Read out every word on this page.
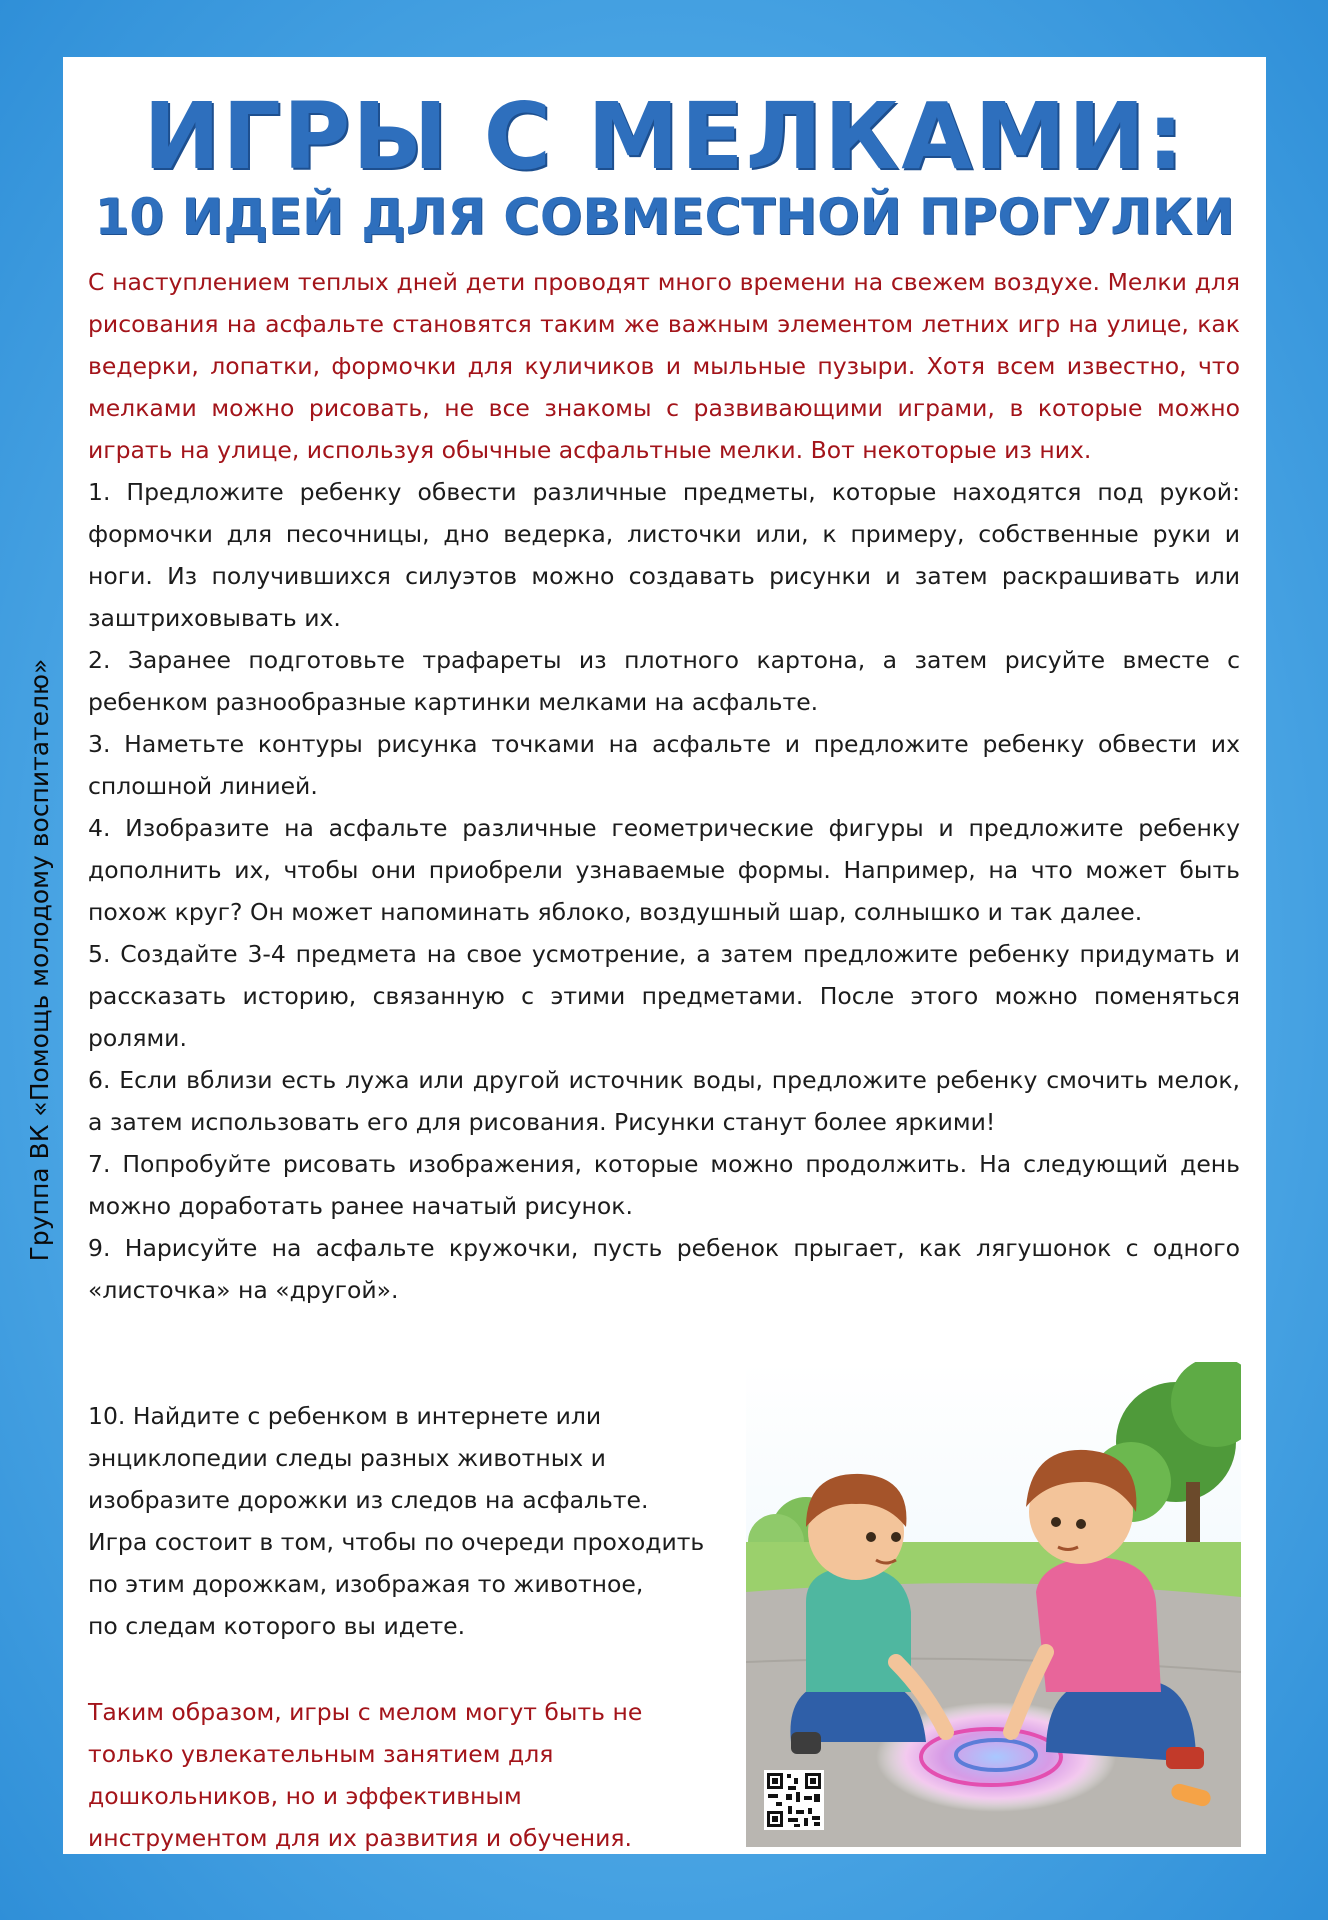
Группа ВК «Помощь молодому воспитателю»
ИГРЫ С МЕЛКАМИ:
10 ИДЕЙ ДЛЯ СОВМЕСТНОЙ ПРОГУЛКИ

С наступлением теплых дней дети проводят много времени на свежем воздухе. Мелки для рисования на асфальте становятся таким же важным элементом летних игр на улице, как ведерки, лопатки, формочки для куличиков и мыльные пузыри. Хотя всем известно, что мелками можно рисовать, не все знакомы с развивающими играми, в которые можно играть на улице, используя обычные асфальтные мелки. Вот некоторые из них.

1. Предложите ребенку обвести различные предметы, которые находятся под рукой: формочки для песочницы, дно ведерка, листочки или, к примеру, собственные руки и ноги. Из получившихся силуэтов можно создавать рисунки и затем раскрашивать или заштриховывать их.

2. Заранее подготовьте трафареты из плотного картона, а затем рисуйте вместе с ребенком разнообразные картинки мелками на асфальте.

3. Наметьте контуры рисунка точками на асфальте и предложите ребенку обвести их сплошной линией.

4. Изобразите на асфальте различные геометрические фигуры и предложите ребенку дополнить их, чтобы они приобрели узнаваемые формы. Например, на что может быть похож круг? Он может напоминать яблоко, воздушный шар, солнышко и так далее.

5. Создайте 3-4 предмета на свое усмотрение, а затем предложите ребенку придумать и рассказать историю, связанную с этими предметами. После этого можно поменяться ролями.

6. Если вблизи есть лужа или другой источник воды, предложите ребенку смочить мелок, а затем использовать его для рисования. Рисунки станут более яркими!

7. Попробуйте рисовать изображения, которые можно продолжить. На следующий день можно доработать ранее начатый рисунок.

9. Нарисуйте на асфальте кружочки, пусть ребенок прыгает, как лягушонок с одного «листочка» на «другой».

10. Найдите с ребенком в интернете или

энциклопедии следы разных животных и

изобразите дорожки из следов на асфальте.

Игра состоит в том, чтобы по очереди проходить

по этим дорожкам, изображая то животное,

по следам которого вы идете.

Таким образом, игры с мелом могут быть не

только увлекательным занятием для

дошкольников, но и эффективным

инструментом для их развития и обучения.
